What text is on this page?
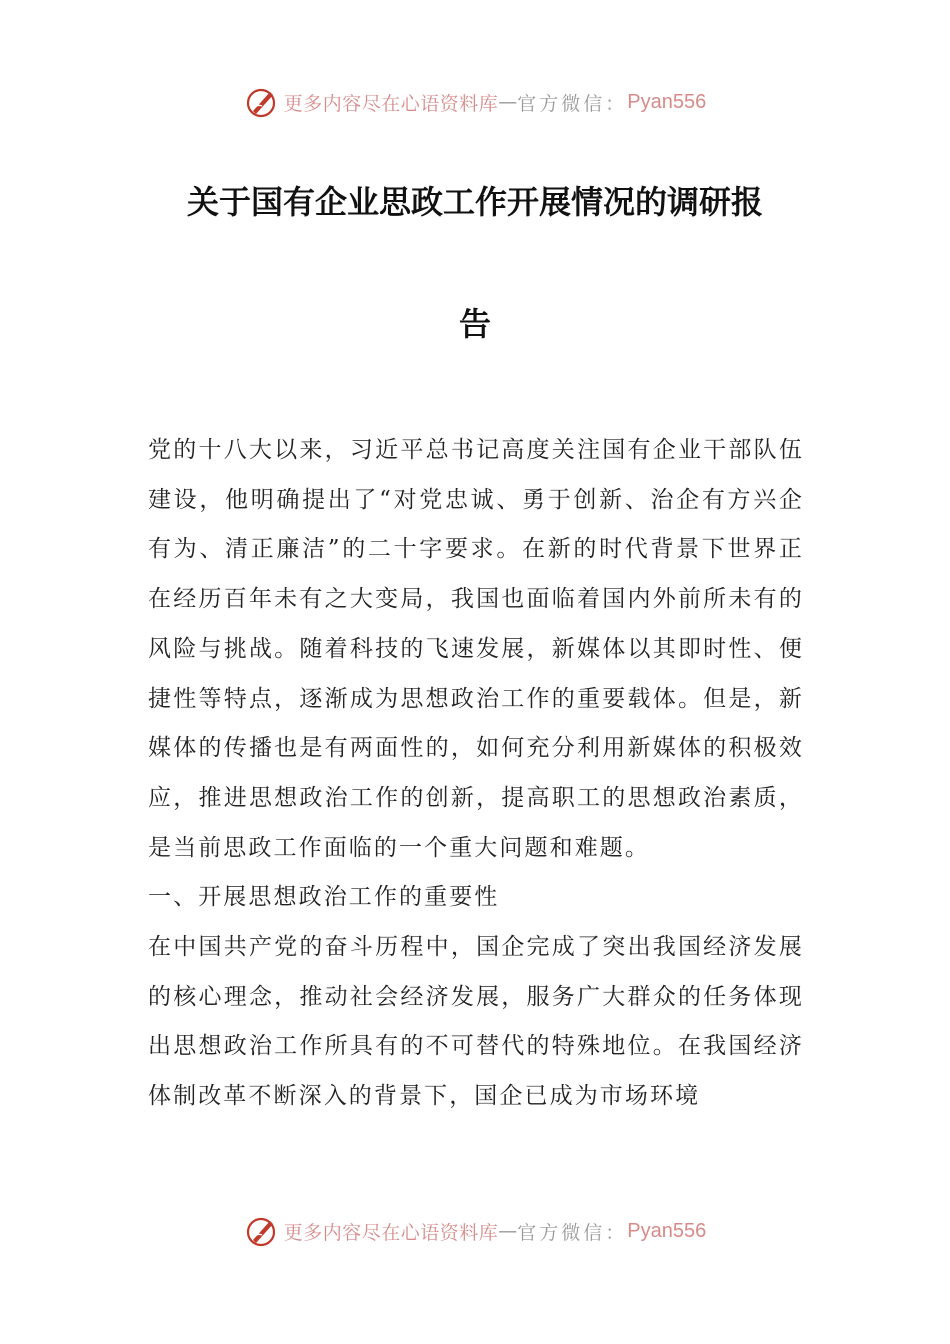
更多内容尽在心语资料库 — 官方微信： Pyan556
关于国有企业思政工作开展情况的调研报
告

党的十八大以来，习近平总书记高度关注国有企业干部队伍建设，他明确提出了“对党忠诚、勇于创新、治企有方兴企有为、清正廉洁”的二十字要求。在新的时代背景下世界正在经历百年未有之大变局，我国也面临着国内外前所未有的风险与挑战。随着科技的飞速发展，新媒体以其即时性、便捷性等特点，逐渐成为思想政治工作的重要载体。但是，新媒体的传播也是有两面性的，如何充分利用新媒体的积极效应，推进思想政治工作的创新，提高职工的思想政治素质，是当前思政工作面临的一个重大问题和难题。

一、开展思想政治工作的重要性

在中国共产党的奋斗历程中，国企完成了突出我国经济发展的核心理念，推动社会经济发展，服务广大群众的任务体现出思想政治工作所具有的不可替代的特殊地位。在我国经济体制改革不断深入的背景下，国企已成为市场环境

更多内容尽在心语资料库 — 官方微信： Pyan556
